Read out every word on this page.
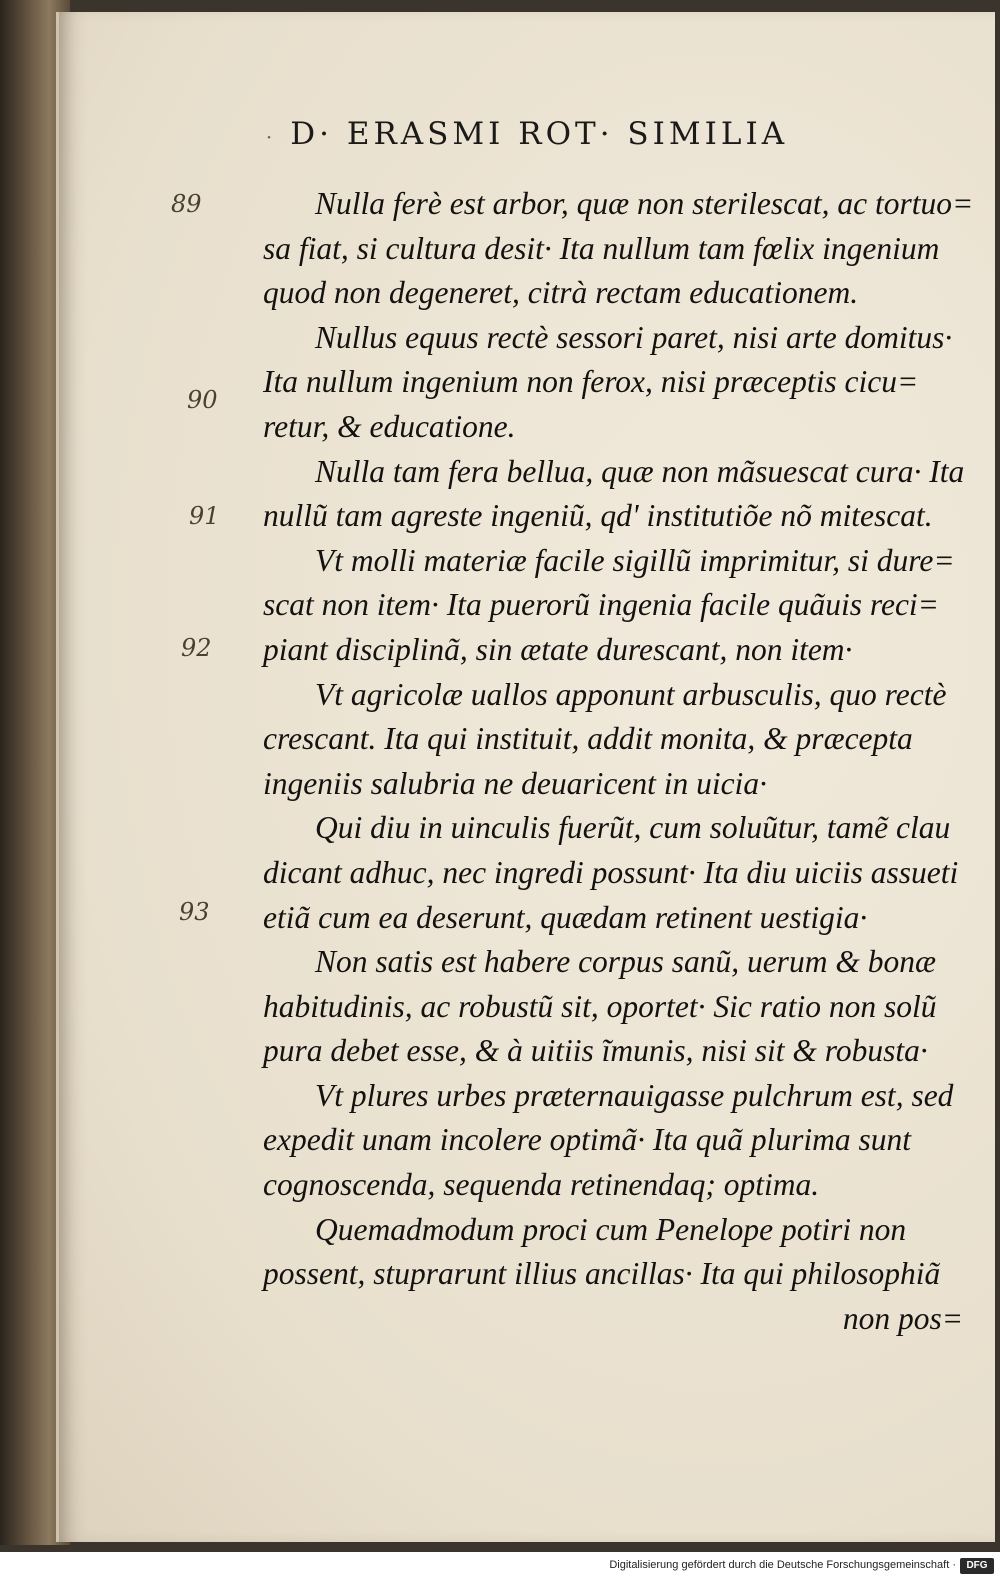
· D· ERASMI ROT· SIMILIA
89
90
91
92
93
Nulla ferè est arbor, quæ non sterilescat, ac tortuo=
sa fiat, si cultura desit· Ita nullum tam fœlix ingenium
quod non degeneret, citrà rectam educationem.
Nullus equus rectè sessori paret, nisi arte domitus·
Ita nullum ingenium non ferox, nisi præceptis cicu=
retur, & educatione.
Nulla tam fera bellua, quæ non mãsuescat cura· Ita
nullũ tam agreste ingeniũ, qd' institutiõe nõ mitescat.
Vt molli materiæ facile sigillũ imprimitur, si dure=
scat non item· Ita puerorũ ingenia facile quãuis reci=
piant disciplinã, sin ætate durescant, non item·
Vt agricolæ uallos apponunt arbusculis, quo rectè
crescant. Ita qui instituit, addit monita, & præcepta
ingeniis salubria ne deuaricent in uicia·
Qui diu in uinculis fuerũt, cum soluũtur, tamẽ clau
dicant adhuc, nec ingredi possunt· Ita diu uiciis assueti
etiã cum ea deserunt, quædam retinent uestigia·
Non satis est habere corpus sanũ, uerum & bonæ
habitudinis, ac robustũ sit, oportet· Sic ratio non solũ
pura debet esse, & à uitiis ĩmunis, nisi sit & robusta·
Vt plures urbes præternauigasse pulchrum est, sed
expedit unam incolere optimã· Ita quã plurima sunt
cognoscenda, sequenda retinendaq; optima.
Quemadmodum proci cum Penelope potiri non
possent, stuprarunt illius ancillas· Ita qui philosophiã
non pos=
Digitalisierung gefördert durch die Deutsche Forschungsgemeinschaft ·	DFG
